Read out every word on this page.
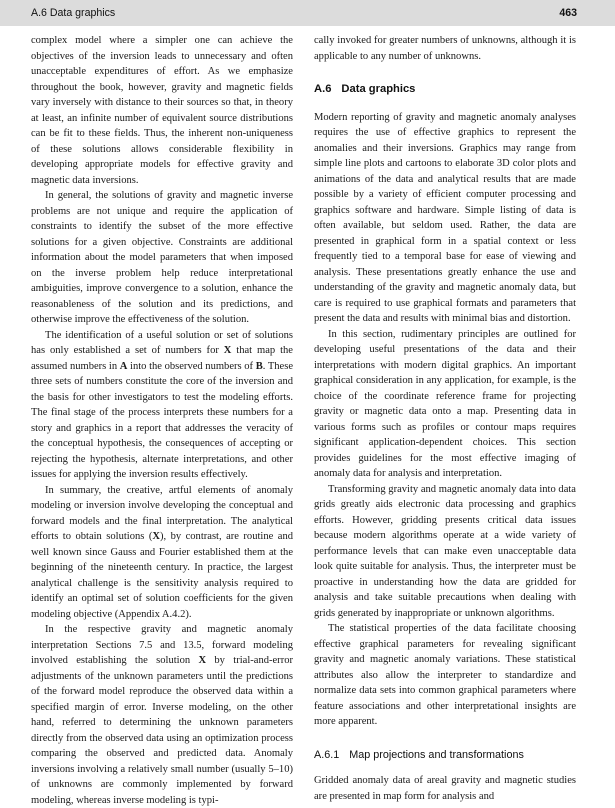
A.6 Data graphics	463

complex model where a simpler one can achieve the objectives of the inversion leads to unnecessary and often unacceptable expenditures of effort. As we emphasize throughout the book, however, gravity and magnetic fields vary inversely with distance to their sources so that, in theory at least, an infinite number of equivalent source distributions can be fit to these fields. Thus, the inherent non-uniqueness of these solutions allows considerable flexibility in developing appropriate models for effective gravity and magnetic data inversions.

In general, the solutions of gravity and magnetic inverse problems are not unique and require the application of constraints to identify the subset of the more effective solutions for a given objective. Constraints are additional information about the model parameters that when imposed on the inverse problem help reduce interpretational ambiguities, improve convergence to a solution, enhance the reasonableness of the solution and its predictions, and otherwise improve the effectiveness of the solution.

The identification of a useful solution or set of solutions has only established a set of numbers for X that map the assumed numbers in A into the observed numbers of B. These three sets of numbers constitute the core of the inversion and the basis for other investigators to test the modeling efforts. The final stage of the process interprets these numbers for a story and graphics in a report that addresses the veracity of the conceptual hypothesis, the consequences of accepting or rejecting the hypothesis, alternate interpretations, and other issues for applying the inversion results effectively.

In summary, the creative, artful elements of anomaly modeling or inversion involve developing the conceptual and forward models and the final interpretation. The analytical efforts to obtain solutions (X), by contrast, are routine and well known since Gauss and Fourier established them at the beginning of the nineteenth century. In practice, the largest analytical challenge is the sensitivity analysis required to identify an optimal set of solution coefficients for the given modeling objective (Appendix A.4.2).

In the respective gravity and magnetic anomaly interpretation Sections 7.5 and 13.5, forward modeling involved establishing the solution X by trial-and-error adjustments of the unknown parameters until the predictions of the forward model reproduce the observed data within a specified margin of error. Inverse modeling, on the other hand, referred to determining the unknown parameters directly from the observed data using an optimization process comparing the observed and predicted data. Anomaly inversions involving a relatively small number (usually 5–10) of unknowns are commonly implemented by forward modeling, whereas inverse modeling is typi-

cally invoked for greater numbers of unknowns, although it is applicable to any number of unknowns.

A.6 Data graphics

Modern reporting of gravity and magnetic anomaly analyses requires the use of effective graphics to represent the anomalies and their inversions. Graphics may range from simple line plots and cartoons to elaborate 3D color plots and animations of the data and analytical results that are made possible by a variety of efficient computer processing and graphics software and hardware. Simple listing of data is often available, but seldom used. Rather, the data are presented in graphical form in a spatial context or less frequently tied to a temporal base for ease of viewing and analysis. These presentations greatly enhance the use and understanding of the gravity and magnetic anomaly data, but care is required to use graphical formats and parameters that present the data and results with minimal bias and distortion.

In this section, rudimentary principles are outlined for developing useful presentations of the data and their interpretations with modern digital graphics. An important graphical consideration in any application, for example, is the choice of the coordinate reference frame for projecting gravity or magnetic data onto a map. Presenting data in various forms such as profiles or contour maps requires significant application-dependent choices. This section provides guidelines for the most effective imaging of anomaly data for analysis and interpretation.

Transforming gravity and magnetic anomaly data into data grids greatly aids electronic data processing and graphics efforts. However, gridding presents critical data issues because modern algorithms operate at a wide variety of performance levels that can make even unacceptable data look quite suitable for analysis. Thus, the interpreter must be proactive in understanding how the data are gridded for analysis and take suitable precautions when dealing with grids generated by inappropriate or unknown algorithms.

The statistical properties of the data facilitate choosing effective graphical parameters for revealing significant gravity and magnetic anomaly variations. These statistical attributes also allow the interpreter to standardize and normalize data sets into common graphical parameters where feature associations and other interpretational insights are more apparent.

A.6.1 Map projections and transformations

Gridded anomaly data of areal gravity and magnetic studies are presented in map form for analysis and
